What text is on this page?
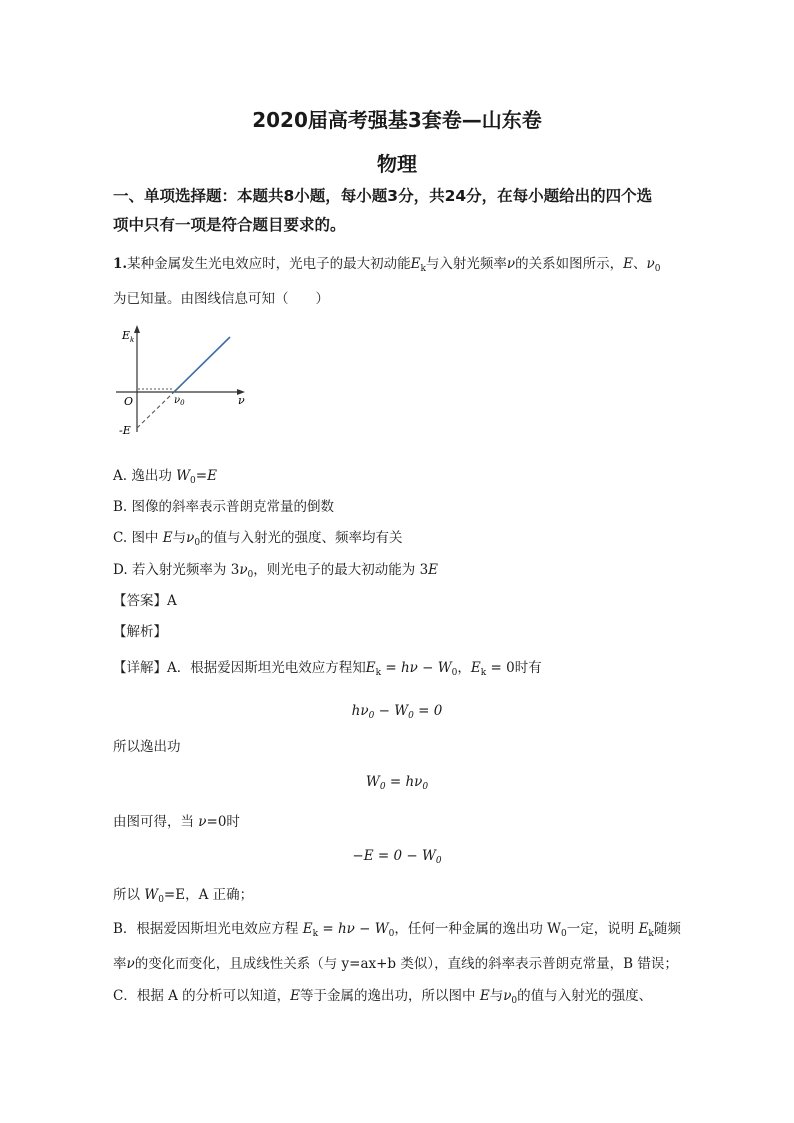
2020届高考强基3套卷—山东卷
物理
一、单项选择题：本题共8小题，每小题3分，共24分，在每小题给出的四个选
项中只有一项是符合题目要求的。
1.某种金属发生光电效应时，光电子的最大初动能$E_k$与入射光频率ν的关系如图所示，E、$\nu_0$
为已知量。由图线信息可知（　　）
$E_k$
O	$\nu_0$	ν
-E
A. 逸出功 $W_0=E$
B. 图像的斜率表示普朗克常量的倒数
C. 图中 E与$\nu_0$的值与入射光的强度、频率均有关
D. 若入射光频率为 $3\nu_0$，则光电子的最大初动能为 3E
【答案】A
【解析】
【详解】A．根据爱因斯坦光电效应方程知$E_k = h\nu - W_0$，$E_k = 0$时有
$h\nu_0 - W_0 = 0$
所以逸出功
$W_0 = h\nu_0$
由图可得，当 ν=0时
$-E = 0 - W_0$
所以 $W_0=E$，A 正确；
B．根据爱因斯坦光电效应方程 $E_k = h\nu - W_0$，任何一种金属的逸出功 $W_0$一定，说明 $E_k$随频
率ν的变化而变化，且成线性关系（与 y=ax+b 类似），直线的斜率表示普朗克常量，B 错误；
C．根据 A 的分析可以知道，E等于金属的逸出功，所以图中 E与$\nu_0$的值与入射光的强度、
